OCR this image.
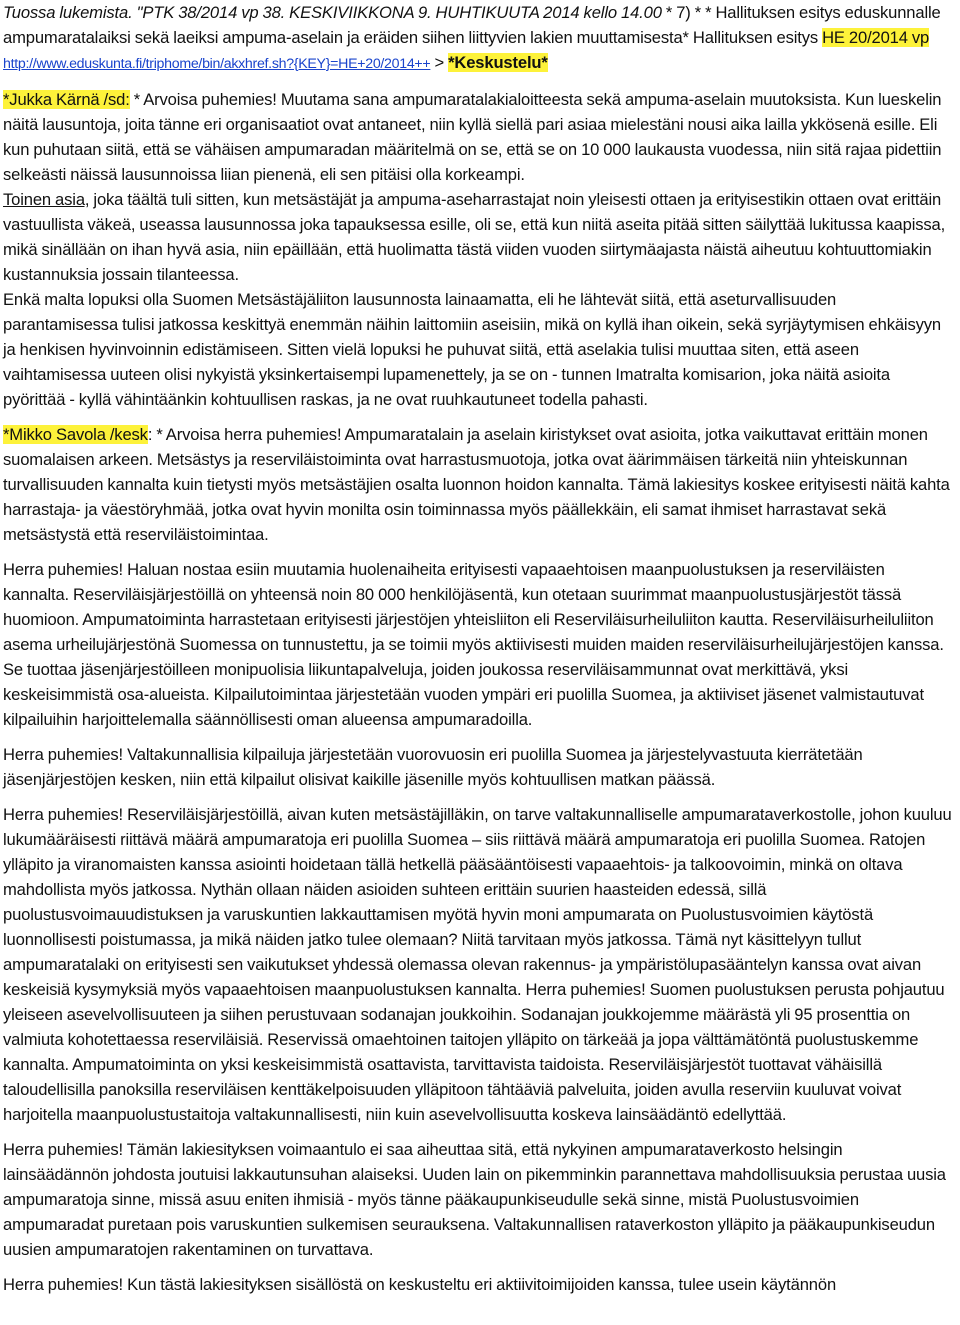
Tuossa lukemista. "PTK 38/2014 vp 38. KESKIVIIKKONA 9. HUHTIKUUTA 2014 kello 14.00 * 7) * * Hallituksen esitys eduskunnalle ampumaratalaiksi sekä laeiksi ampuma-aselain ja eräiden siihen liittyvien lakien muuttamisesta* Hallituksen esitys HE 20/2014 vp http://www.eduskunta.fi/triphome/bin/akxhref.sh?{KEY}=HE+20/2014++ > *Keskustelu*

*Jukka Kärnä /sd: * Arvoisa puhemies! Muutama sana ampumaratalakialoitteesta sekä ampuma-aselain muutoksista. Kun lueskelin näitä lausuntoja, joita tänne eri organisaatiot ovat antaneet, niin kyllä siellä pari asiaa mielestäni nousi aika lailla ykkösenä esille. Eli kun puhutaan siitä, että se vähäisen ampumaradan määritelmä on se, että se on 10 000 laukausta vuodessa, niin sitä rajaa pidettiin selkeästi näissä lausunnoissa liian pienenä, eli sen pitäisi olla korkeampi.

Toinen asia, joka täältä tuli sitten, kun metsästäjät ja ampuma-aseharrastajat noin yleisesti ottaen ja erityisestikin ottaen ovat erittäin vastuullista väkeä, useassa lausunnossa joka tapauksessa esille, oli se, että kun niitä aseita pitää sitten säilyttää lukitussa kaapissa, mikä sinällään on ihan hyvä asia, niin epäillään, että huolimatta tästä viiden vuoden siirtymäajasta näistä aiheutuu kohtuuttomiakin kustannuksia jossain tilanteessa.

Enkä malta lopuksi olla Suomen Metsästäjäliiton lausunnosta lainaamatta, eli he lähtevät siitä, että aseturvallisuuden parantamisessa tulisi jatkossa keskittyä enemmän näihin laittomiin aseisiin, mikä on kyllä ihan oikein, sekä syrjäytymisen ehkäisyyn ja henkisen hyvinvoinnin edistämiseen. Sitten vielä lopuksi he puhuvat siitä, että aselakia tulisi muuttaa siten, että aseen vaihtamisessa uuteen olisi nykyistä yksinkertaisempi lupamenettely, ja se on - tunnen Imatralta komisarion, joka näitä asioita pyörittää - kyllä vähintäänkin kohtuullisen raskas, ja ne ovat ruuhkautuneet todella pahasti.

*Mikko Savola /kesk: * Arvoisa herra puhemies! Ampumaratalain ja aselain kiristykset ovat asioita, jotka vaikuttavat erittäin monen suomalaisen arkeen. Metsästys ja reserviläistoiminta ovat harrastusmuotoja, jotka ovat äärimmäisen tärkeitä niin yhteiskunnan turvallisuuden kannalta kuin tietysti myös metsästäjien osalta luonnon hoidon kannalta. Tämä lakiesitys koskee erityisesti näitä kahta harrastaja- ja väestöryhmää, jotka ovat hyvin monilta osin toiminnassa myös päällekkäin, eli samat ihmiset harrastavat sekä metsästystä että reserviläistoimintaa.

Herra puhemies! Haluan nostaa esiin muutamia huolenaiheita erityisesti vapaaehtoisen maanpuolustuksen ja reserviläisten kannalta. Reserviläisjärjestöillä on yhteensä noin 80 000 henkilöjäsentä, kun otetaan suurimmat maanpuolustusjärjestöt tässä huomioon. Ampumatoiminta harrastetaan erityisesti järjestöjen yhteisliiton eli Reserviläisurheiluliiton kautta. Reserviläisurheiluliiton asema urheilujärjestönä Suomessa on tunnustettu, ja se toimii myös aktiivisesti muiden maiden reserviläisurheilujärjestöjen kanssa. Se tuottaa jäsenjärjestöilleen monipuolisia liikuntapalveluja, joiden joukossa reserviläisammunnat ovat merkittävä, yksi keskeisimmistä osa-alueista. Kilpailutoimintaa järjestetään vuoden ympäri eri puolilla Suomea, ja aktiiviset jäsenet valmistautuvat kilpailuihin harjoittelemalla säännöllisesti oman alueensa ampumaradoilla.

Herra puhemies! Valtakunnallisia kilpailuja järjestetään vuorovuosin eri puolilla Suomea ja järjestelyvastuuta kierrätetään jäsenjärjestöjen kesken, niin että kilpailut olisivat kaikille jäsenille myös kohtuullisen matkan päässä.

Herra puhemies! Reserviläisjärjestöillä, aivan kuten metsästäjilläkin, on tarve valtakunnalliselle ampumarataverkostolle, johon kuuluu lukumääräisesti riittävä määrä ampumaratoja eri puolilla Suomea – siis riittävä määrä ampumaratoja eri puolilla Suomea. Ratojen ylläpito ja viranomaisten kanssa asiointi hoidetaan tällä hetkellä pääsääntöisesti vapaaehtois- ja talkoovoimin, minkä on oltava mahdollista myös jatkossa. Nythän ollaan näiden asioiden suhteen erittäin suurien haasteiden edessä, sillä puolustusvoimauudistuksen ja varuskuntien lakkauttamisen myötä hyvin moni ampumarata on Puolustusvoimien käytöstä luonnollisesti poistumassa, ja mikä näiden jatko tulee olemaan? Niitä tarvitaan myös jatkossa. Tämä nyt käsittelyyn tullut ampumaratalaki on erityisesti sen vaikutukset yhdessä olemassa olevan rakennus- ja ympäristölupasääntelyn kanssa ovat aivan keskeisiä kysymyksiä myös vapaaehtoisen maanpuolustuksen kannalta. Herra puhemies! Suomen puolustuksen perusta pohjautuu yleiseen asevelvollisuuteen ja siihen perustuvaan sodanajan joukkoihin. Sodanajan joukkojemme määrästä yli 95 prosenttia on valmiuta kohotettaessa reserviläisiä. Reservissä omaehtoinen taitojen ylläpito on tärkeää ja jopa välttämätöntä puolustuskemme kannalta. Ampumatoiminta on yksi keskeisimmistä osattavista, tarvittavista taidoista. Reserviläisjärjestöt tuottavat vähäisillä taloudellisilla panoksilla reserviläisen kenttäkelpoisuuden ylläpitoon tähtääviä palveluita, joiden avulla reserviin kuuluvat voivat harjoitella maanpuolustustaitoja valtakunnallisesti, niin kuin asevelvollisuutta koskeva lainsäädäntö edellyttää.

Herra puhemies! Tämän lakiesityksen voimaantulo ei saa aiheuttaa sitä, että nykyinen ampumarataverkosto helsingin lainsäädännön johdosta joutuisi lakkautunsuhan alaiseksi. Uuden lain on pikemminkin parannettava mahdollisuuksia perustaa uusia ampumaratoja sinne, missä asuu eniten ihmisiä - myös tänne pääkaupunkiseudulle sekä sinne, mistä Puolustusvoimien ampumaradat puretaan pois varuskuntien sulkemisen seurauksena. Valtakunnallisen rataverkoston ylläpito ja pääkaupunkiseudun uusien ampumaratojen rakentaminen on turvattava.

Herra puhemies! Kun tästä lakiesityksen sisällöstä on keskusteltu eri aktiivitoimijoiden kanssa, tulee usein käytännön
